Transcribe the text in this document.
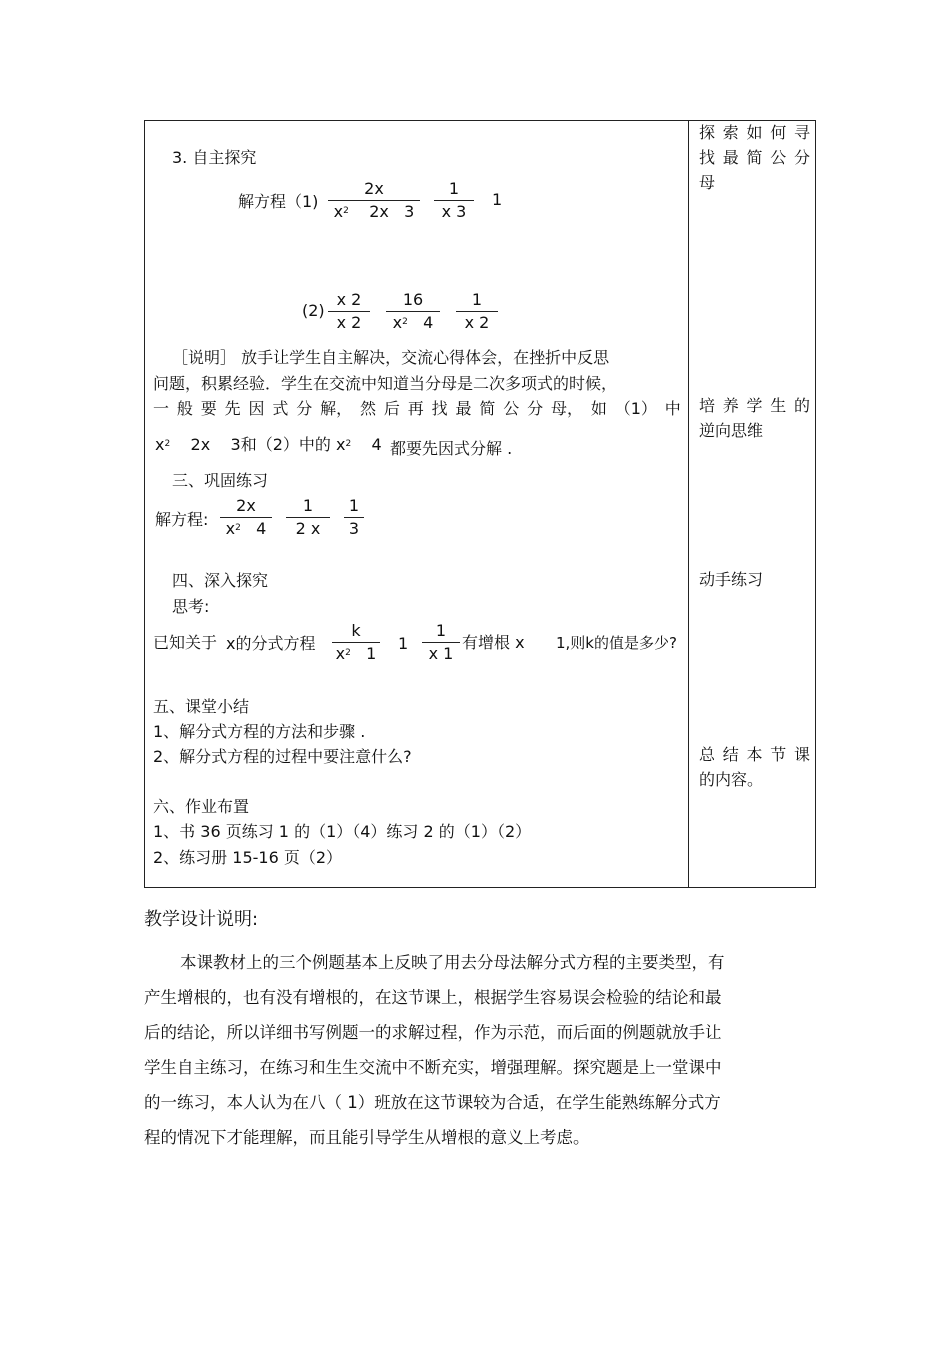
3. 自主探究
解方程（1)
2x
$x^2$    2x   3
1
x 3
1
(2)
x 2
x 2
16
$x^2$   4
1
x 2
［说明］ 放手让学生自主解决，交流心得体会，在挫折中反思
问题，积累经验．学生在交流中知道当分母是二次多项式的时候，
一 般 要 先 因 式 分 解， 然 后 再 找 最 简 公 分 母， 如 （1） 中
$x^2$    2x    3和（2）中的 $x^2$    4 都要先因式分解 .
三、巩固练习
解方程:
2x
$x^2$   4
1
2 x
1
3
四、深入探究
思考:
已知关于 x的分式方程
k
$x^2$   1
1
1
x 1
有增根 x 1,则k的值是多少?
五、课堂小结
1、解分式方程的方法和步骤 .
2、解分式方程的过程中要注意什么?
六、作业布置
1、书 36 页练习 1 的（1）（4）练习 2 的（1）（2）
2、练习册 15-16 页（2）
探 索 如 何 寻
找 最 简 公 分
母
培 养 学 生 的
逆向思维
动手练习
总 结 本 节 课
的内容。
教学设计说明:
本课教材上的三个例题基本上反映了用去分母法解分式方程的主要类型，有
产生增根的，也有没有增根的，在这节课上，根据学生容易误会检验的结论和最
后的结论，所以详细书写例题一的求解过程，作为示范，而后面的例题就放手让
学生自主练习，在练习和生生交流中不断充实，增强理解。探究题是上一堂课中
的一练习，本人认为在八（ 1）班放在这节课较为合适，在学生能熟练解分式方
程的情况下才能理解，而且能引导学生从增根的意义上考虑。
